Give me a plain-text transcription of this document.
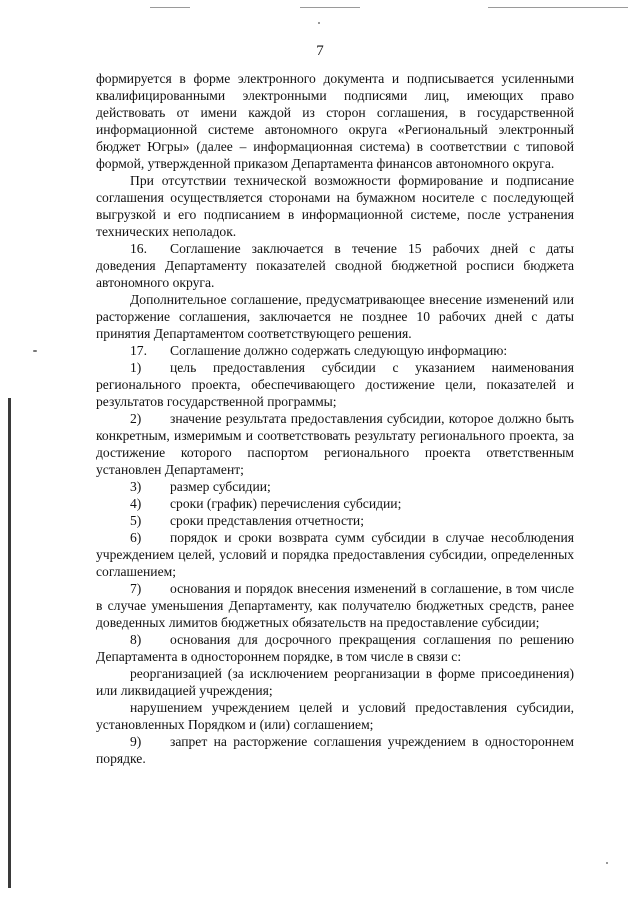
7

формируется в форме электронного документа и подписывается усиленными квалифицированными электронными подписями лиц, имеющих право действовать от имени каждой из сторон соглашения, в государственной информационной системе автономного округа «Региональный электронный бюджет Югры» (далее – информационная система) в соответствии с типовой формой, утвержденной приказом Департамента финансов автономного округа.

При отсутствии технической возможности формирование и подписание соглашения осуществляется сторонами на бумажном носителе с последующей выгрузкой и его подписанием в информационной системе, после устранения технических неполадок.

16. Соглашение заключается в течение 15 рабочих дней с даты доведения Департаменту показателей сводной бюджетной росписи бюджета автономного округа.

Дополнительное соглашение, предусматривающее внесение изменений или расторжение соглашения, заключается не позднее 10 рабочих дней с даты принятия Департаментом соответствующего решения.

17. Соглашение должно содержать следующую информацию:

1) цель предоставления субсидии с указанием наименования регионального проекта, обеспечивающего достижение цели, показателей и результатов государственной программы;

2) значение результата предоставления субсидии, которое должно быть конкретным, измеримым и соответствовать результату регионального проекта, за достижение которого паспортом регионального проекта ответственным установлен Департамент;

3) размер субсидии;

4) сроки (график) перечисления субсидии;

5) сроки представления отчетности;

6) порядок и сроки возврата сумм субсидии в случае несоблюдения учреждением целей, условий и порядка предоставления субсидии, определенных соглашением;

7) основания и порядок внесения изменений в соглашение, в том числе в случае уменьшения Департаменту, как получателю бюджетных средств, ранее доведенных лимитов бюджетных обязательств на предоставление субсидии;

8) основания для досрочного прекращения соглашения по решению Департамента в одностороннем порядке, в том числе в связи с:

реорганизацией (за исключением реорганизации в форме присоединения) или ликвидацией учреждения;

нарушением учреждением целей и условий предоставления субсидии, установленных Порядком и (или) соглашением;

9) запрет на расторжение соглашения учреждением в одностороннем порядке.
